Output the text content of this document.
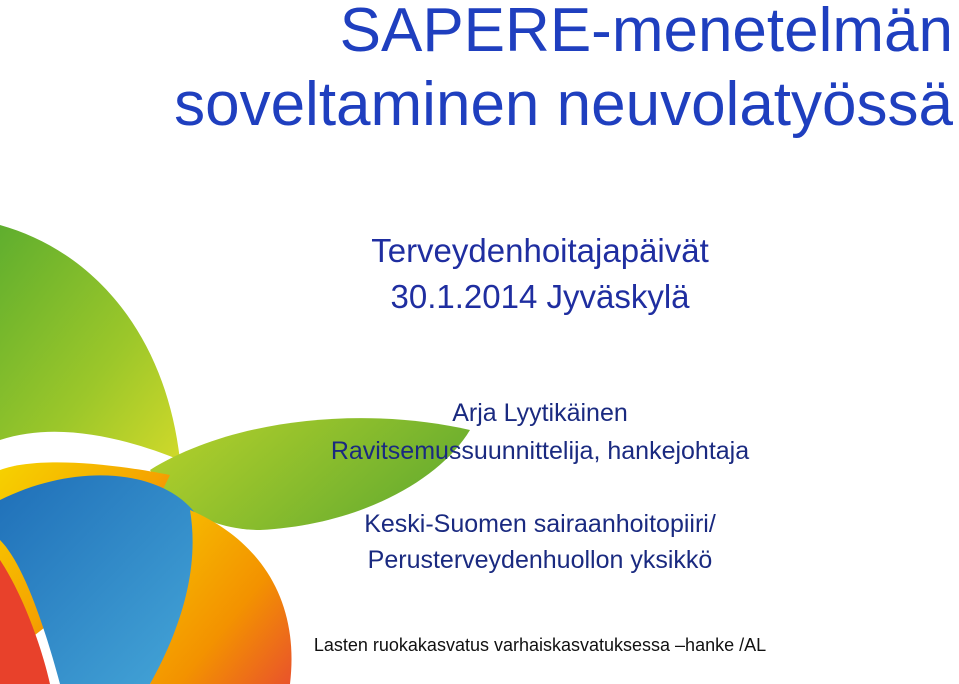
SAPERE-menetelmän
soveltaminen neuvolatyössä
Terveydenhoitajapäivät
30.1.2014 Jyväskylä
Arja Lyytikäinen
Ravitsemussuunnittelija, hankejohtaja
Keski-Suomen sairaanhoitopiiri/
Perusterveydenhuollon yksikkö
Lasten ruokakasvatus varhaiskasvatuksessa –hanke /AL
